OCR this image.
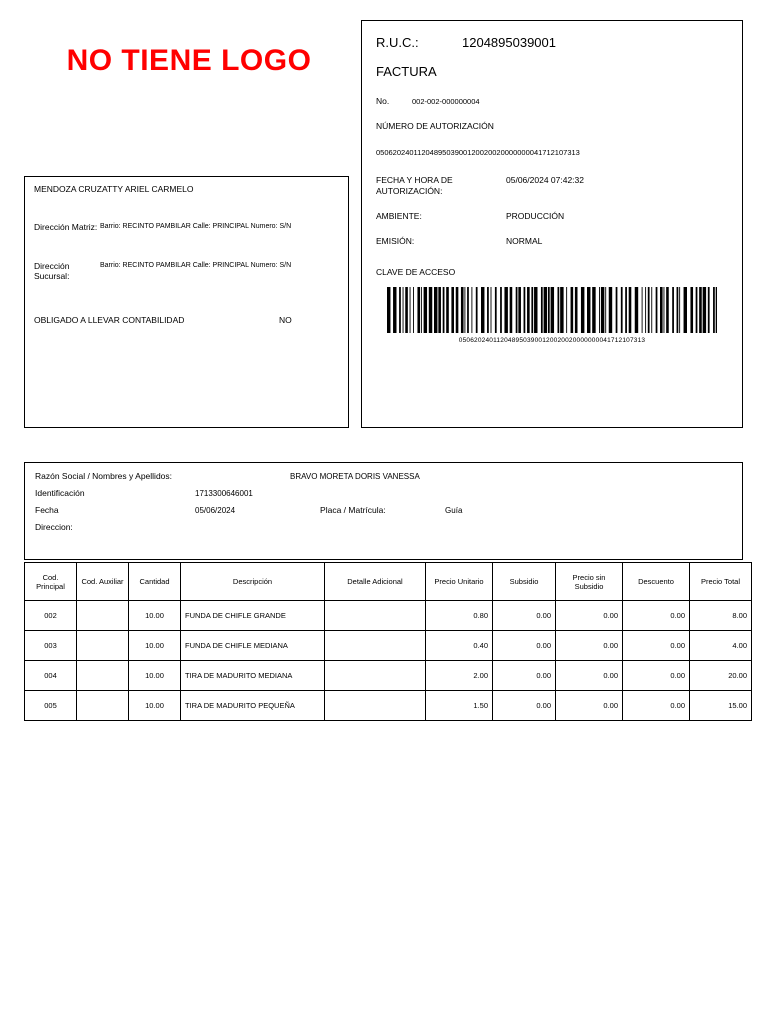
NO TIENE LOGO
MENDOZA CRUZATTY ARIEL CARMELO
Dirección Matriz: Barrio: RECINTO PAMBILAR Calle: PRINCIPAL Numero: S/N
Dirección Sucursal:
Barrio: RECINTO PAMBILAR Calle: PRINCIPAL Numero: S/N
OBLIGADO A LLEVAR CONTABILIDAD	NO
R.U.C.:	1204895039001
FACTURA
No.	002-002-000000004
NÚMERO DE AUTORIZACIÓN
0506202401120489503900120020020000000041712107313
FECHA Y HORA DE AUTORIZACIÓN:
05/06/2024 07:42:32
AMBIENTE:	PRODUCCIÓN
EMISIÓN:	NORMAL
CLAVE DE ACCESO
0506202401120489503900120020020000000041712107313
Razón Social / Nombres y Apellidos:	BRAVO MORETA DORIS VANESSA
Identificación	1713300646001
Fecha	05/06/2024	Placa / Matrícula:	Guía
Direccion:
Cod. Principal	Cod. Auxiliar	Cantidad	Descripción	Detalle Adicional	Precio Unitario	Subsidio	Precio sin Subsidio	Descuento	Precio Total
002		10.00	FUNDA DE CHIFLE GRANDE		0.80	0.00	0.00	0.00	8.00
003		10.00	FUNDA DE CHIFLE MEDIANA		0.40	0.00	0.00	0.00	4.00
004		10.00	TIRA DE MADURITO MEDIANA		2.00	0.00	0.00	0.00	20.00
005		10.00	TIRA DE MADURITO PEQUEÑA		1.50	0.00	0.00	0.00	15.00
